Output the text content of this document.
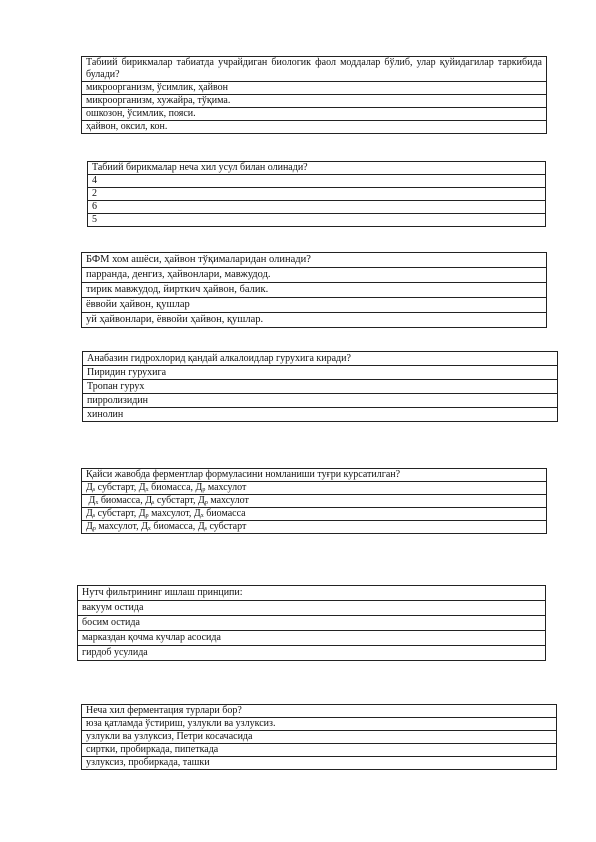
Табиий бирикмалар табиатда учрайдиган биологик фаол моддалар бўлиб, улар қуйидагилар таркибида булади?
микроорганизм, ўсимлик, ҳайвон
микроорганизм, хужайра, тўқима.
ошкозон, ўсимлик, пояси.
ҳайвон, оксил, кон.
Табиий бирикмалар неча хил усул билан олинади?
4
2
6
5
БФМ хом ашёси, ҳайвон тўқималаридан олинади?
парранда, денгиз, ҳайвонлари, мавжудод.
тирик мавжудод, йирткич ҳайвон, балик.
ёввойи ҳайвон, қушлар
уй ҳайвонлари, ёввойи ҳайвон, қушлар.
Анабазин гидрохлорид қандай алкалоидлар гурухига киради?
Пиридин гурухига
Тропан гурух
пирролизидин
хинолин
Қайси жавобда ферментлар формуласини номланиши туғри курсатилган?
$Д_s$ субстарт, $Д_x$ биомасса, $Д_p$ махсулот
$Д_x$ биомасса, $Д_s$ субстарт, $Д_p$ махсулот
$Д_s$ субстарт, $Д_p$ махсулот, $Д_x$ биомасса
$Д_p$ махсулот, $Д_x$ биомасса, $Д_s$ субстарт
Нутч фильтрининг ишлаш принципи:
вакуум остида
босим остида
марказдан қочма кучлар асосида
гирдоб усулида
Неча хил ферментация турлари бор?
юза қатламда ўстириш, узлукли ва узлуксиз.
узлукли ва узлуксиз, Петри косачасида
сиртки, пробиркада, пипеткада
узлуксиз, пробиркада, ташки
